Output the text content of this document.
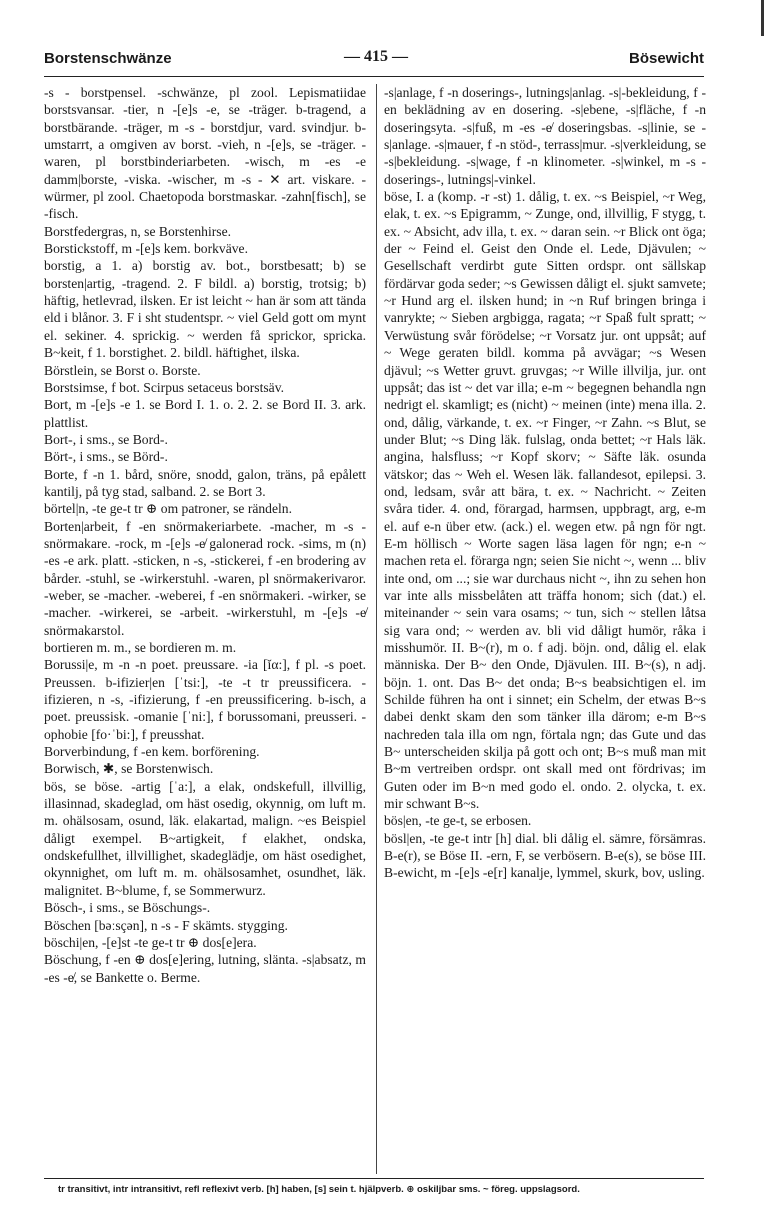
Borstenschwänze	— 415 —	Bösewicht

-s - borstpensel. -schwänze, pl zool. Lepismatiidae borstsvansar. -tier, n -[e]s -e, se -träger. b-tragend, a borstbärande. -träger, m -s - borstdjur, vard. svindjur. b-umstarrt, a omgiven av borst. -vieh, n -[e]s, se -träger. -waren, pl borstbinderiarbeten. -wisch, m -es -e damm|borste, -viska. -wischer, m -s - ✕ art. viskare. -würmer, pl zool. Chaetopoda borstmaskar. -zahn[fisch], se -fisch.

Borstfedergras, n, se Borstenhirse.

Borstickstoff, m -[e]s kem. borkväve.

borstig, a 1. a) borstig av. bot., borstbesatt; b) se borsten|artig, -tragend. 2. F bildl. a) borstig, trotsig; b) häftig, hetlevrad, ilsken. Er ist leicht ~ han är som att tända eld i blånor. 3. F i sht studentspr. ~ viel Geld gott om mynt el. sekiner. 4. sprickig. ~ werden få sprickor, spricka. B~keit, f 1. borstighet. 2. bildl. häftighet, ilska.

Börstlein, se Borst o. Borste.

Borstsimse, f bot. Scirpus setaceus borstsäv.

Bort, m -[e]s -e 1. se Bord I. 1. o. 2. 2. se Bord II. 3. ark. plattlist.

Bort-, i sms., se Bord-.

Bört-, i sms., se Börd-.

Borte, f -n 1. bård, snöre, snodd, galon, träns, på epålett kantilj, på tyg stad, salband. 2. se Bort 3.

börtel|n, -te ge-t tr ⊕ om patroner, se rändeln.

Borten|arbeit, f -en snörmakeriarbete. -macher, m -s - snörmakare. -rock, m -[e]s -e̸ galonerad rock. -sims, m (n) -es -e ark. platt. -sticken, n -s, -stickerei, f -en brodering av bårder. -stuhl, se -wirkerstuhl. -waren, pl snörmakerivaror. -weber, se -macher. -weberei, f -en snörmakeri. -wirker, se -macher. -wirkerei, se -arbeit. -wirkerstuhl, m -[e]s -e̸ snörmakarstol.

bortieren m. m., se bordieren m. m.

Borussi|e, m -n -n poet. preussare. -ia [ĭα:], f pl. -s poet. Preussen. b-ifizier|en [ˈtsi:], -te -t tr preussificera. -ifizieren, n -s, -ifizierung, f -en preussificering. b-isch, a poet. preussisk. -omanie [ˈni:], f borussomani, preusseri. -ophobie [fo·ˈbi:], f preusshat.

Borverbindung, f -en kem. borförening.

Borwisch, ✱, se Borstenwisch.

bös, se böse. -artig [ˈa:], a elak, ondskefull, illvillig, illasinnad, skadeglad, om häst osedig, okynnig, om luft m. m. ohälsosam, osund, läk. elakartad, malign. ~es Beispiel dåligt exempel. B~artigkeit, f elakhet, ondska, ondskefullhet, illvillighet, skadeglädje, om häst osedighet, okynnighet, om luft m. m. ohälsosamhet, osundhet, läk. malignitet. B~blume, f, se Sommerwurz.

Bösch-, i sms., se Böschungs-.

Böschen [bəːsçən], n -s - F skämts. stygging.

böschi|en, -[e]st -te ge-t tr ⊕ dos[e]era.

Böschung, f -en ⊕ dos[e]ering, lutning, slänta. -s|absatz, m -es -e̸, se Bankette o. Berme.

-s|anlage, f -n doserings-, lutnings|anlag. -s|-bekleidung, f -en beklädning av en dosering. -s|ebene, -s|fläche, f -n doseringsyta. -s|fuß, m -es -e̸ doseringsbas. -s|linie, se -s|anlage. -s|mauer, f -n stöd-, terrass|mur. -s|verkleidung, se -s|bekleidung. -s|wage, f -n klinometer. -s|winkel, m -s - doserings-, lutnings|-vinkel.

böse, I. a (komp. -r -st) 1. dålig, t. ex. ~s Beispiel, ~r Weg, elak, t. ex. ~s Epigramm, ~ Zunge, ond, illvillig, F stygg, t. ex. ~ Absicht, adv illa, t. ex. ~ daran sein. ~r Blick ont öga; der ~ Feind el. Geist den Onde el. Lede, Djävulen; ~ Gesellschaft verdirbt gute Sitten ordspr. ont sällskap fördärvar goda seder; ~s Gewissen dåligt el. sjukt samvete; ~r Hund arg el. ilsken hund; in ~n Ruf bringen bringa i vanrykte; ~ Sieben argbigga, ragata; ~r Spaß fult spratt; ~ Verwüstung svår förödelse; ~r Vorsatz jur. ont uppsåt; auf ~ Wege geraten bildl. komma på avvägar; ~s Wesen djävul; ~s Wetter gruvt. gruvgas; ~r Wille illvilja, jur. ont uppsåt; das ist ~ det var illa; e-m ~ begegnen behandla ngn nedrigt el. skamligt; es (nicht) ~ meinen (inte) mena illa. 2. ond, dålig, värkande, t. ex. ~r Finger, ~r Zahn. ~s Blut, se under Blut; ~s Ding läk. fulslag, onda bettet; ~r Hals läk. angina, halsfluss; ~r Kopf skorv; ~ Säfte läk. osunda vätskor; das ~ Weh el. Wesen läk. fallandesot, epilepsi. 3. ond, ledsam, svår att bära, t. ex. ~ Nachricht. ~ Zeiten svåra tider. 4. ond, förargad, harmsen, uppbragt, arg, e-m el. auf e-n über etw. (ack.) el. wegen etw. på ngn för ngt. E-m höllisch ~ Worte sagen läsa lagen för ngn; e-n ~ machen reta el. förarga ngn; seien Sie nicht ~, wenn ... bliv inte ond, om ...; sie war durchaus nicht ~, ihn zu sehen hon var inte alls missbelåten att träffa honom; sich (dat.) el. miteinander ~ sein vara osams; ~ tun, sich ~ stellen låtsa sig vara ond; ~ werden av. bli vid dåligt humör, råka i misshumör. II. B~(r), m o. f adj. böjn. ond, dålig el. elak människa. Der B~ den Onde, Djävulen. III. B~(s), n adj. böjn. 1. ont. Das B~ det onda; B~s beabsichtigen el. im Schilde führen ha ont i sinnet; ein Schelm, der etwas B~s dabei denkt skam den som tänker illa därom; e-m B~s nachreden tala illa om ngn, förtala ngn; das Gute und das B~ unterscheiden skilja på gott och ont; B~s muß man mit B~m vertreiben ordspr. ont skall med ont fördrivas; im Guten oder im B~n med godo el. ondo. 2. olycka, t. ex. mir schwant B~s.

bös|en, -te ge-t, se erbosen.

bösl|en, -te ge-t intr [h] dial. bli dålig el. sämre, försämras. B-e(r), se Böse II. -ern, F, se verbösern. B-e(s), se böse III. B-ewicht, m -[e]s -e[r] kanalje, lymmel, skurk, bov, usling.

tr transitivt, intr intransitivt, refl reflexivt verb. [h] haben, [s] sein t. hjälpverb. ⊕ oskiljbar sms. ~ föreg. uppslagsord.
